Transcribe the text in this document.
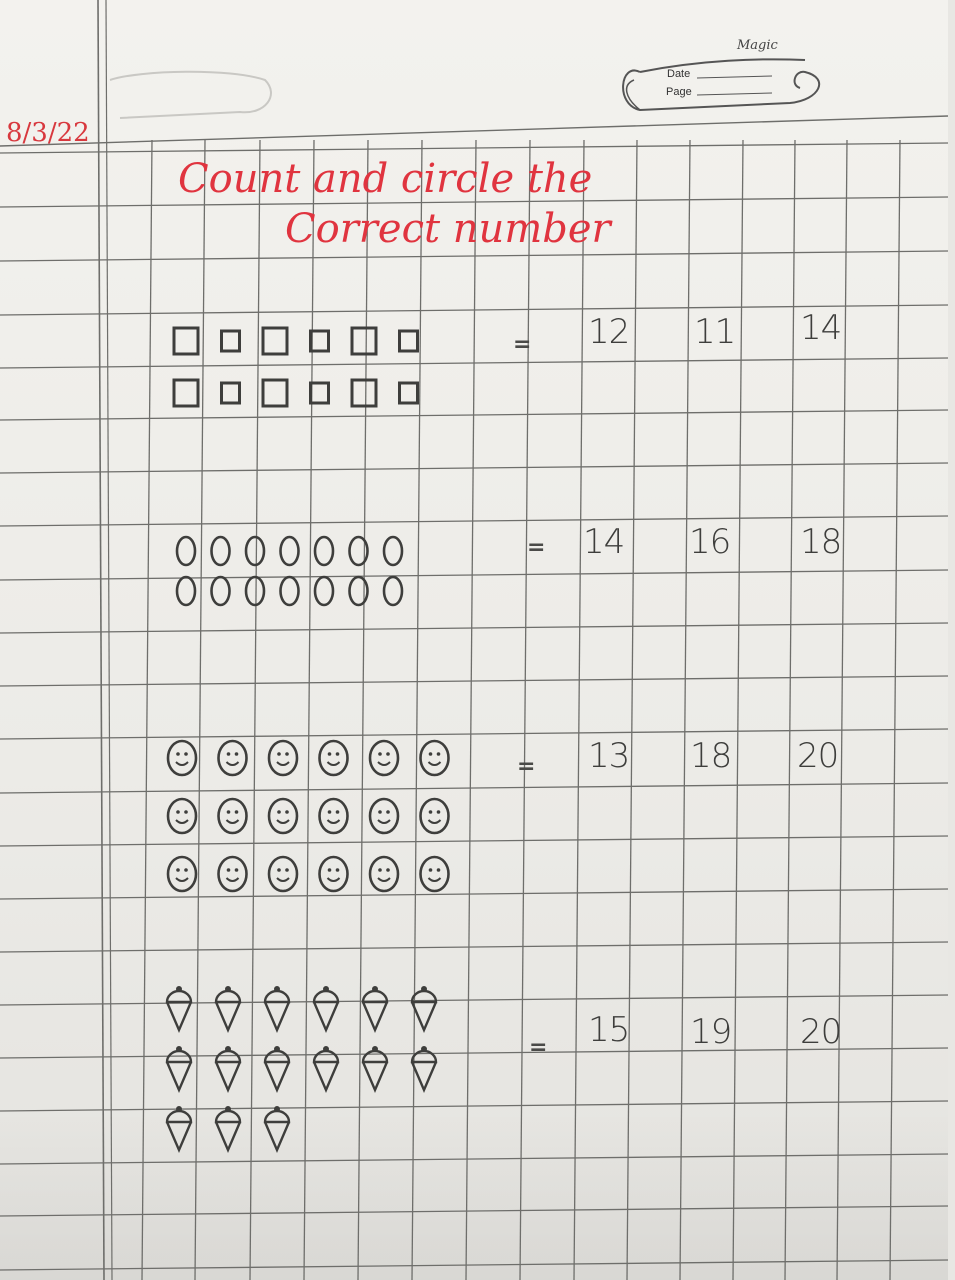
Magic
Date
Page
8/3/22
Count and circle the
Correct number
= 12 11 14
= 14 16 18
= 13 18 20
= 15 19 20
